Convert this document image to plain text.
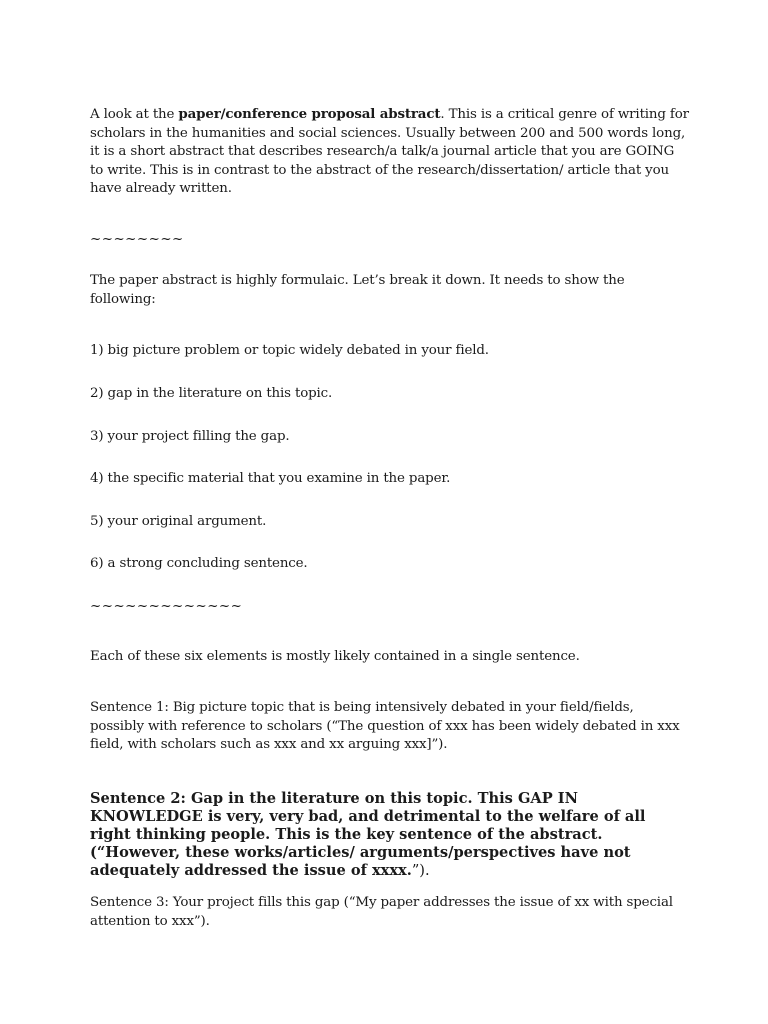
A look at the paper/conference proposal abstract. This is a critical genre of writing for scholars in the humanities and social sciences. Usually between 200 and 500 words long, it is a short abstract that describes research/a talk/a journal article that you are GOING to write. This is in contrast to the abstract of the research/dissertation/ article that you have already written.

~~~~~~~~

The paper abstract is highly formulaic. Let’s break it down. It needs to show the following:

1) big picture problem or topic widely debated in your field.

2) gap in the literature on this topic.

3) your project filling the gap.

4) the specific material that you examine in the paper.

5) your original argument.

6) a strong concluding sentence.

~~~~~~~~~~~~~

Each of these six elements is mostly likely contained in a single sentence.

Sentence 1: Big picture topic that is being intensively debated in your field/fields, possibly with reference to scholars (“The question of xxx has been widely debated in xxx field, with scholars such as xxx and xx arguing xxx]”).

Sentence 2: Gap in the literature on this topic. This GAP IN KNOWLEDGE is very, very bad, and detrimental to the welfare of all right thinking people. This is the key sentence of the abstract. (“However, these works/articles/ arguments/perspectives have not adequately addressed the issue of xxxx.”).

Sentence 3: Your project fills this gap (“My paper addresses the issue of xx with special attention to xxx”).
